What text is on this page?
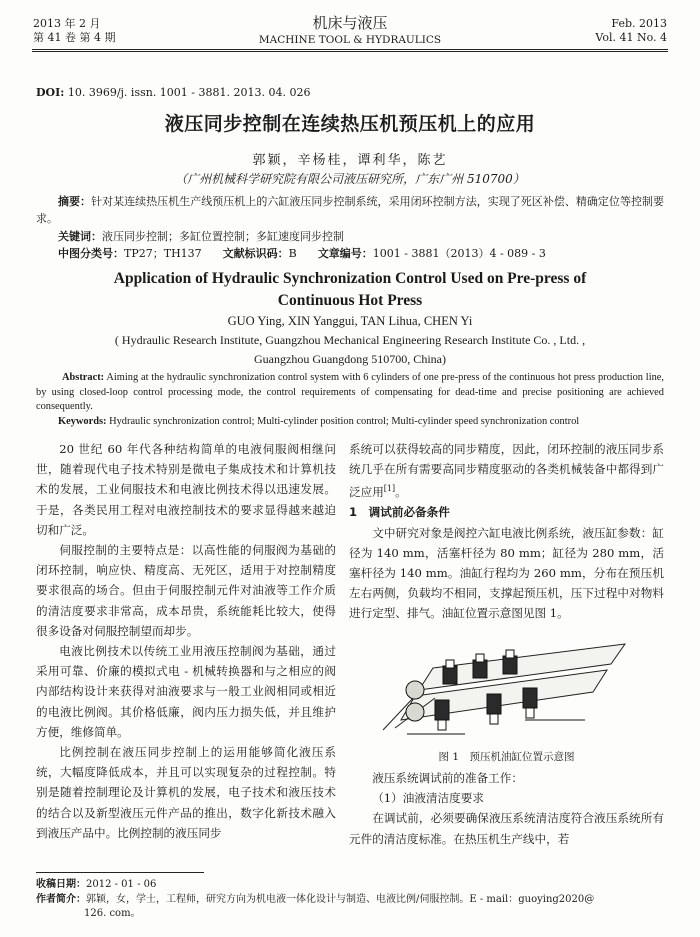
2013 年 2 月
第 41 卷 第 4 期
机床与液压
MACHINE TOOL & HYDRAULICS
Feb. 2013
Vol. 41 No. 4
DOI: 10. 3969/j. issn. 1001 - 3881. 2013. 04. 026
液压同步控制在连续热压机预压机上的应用
郭颖，辛杨桂，谭利华，陈艺
（广州机械科学研究院有限公司液压研究所，广东广州 510700）
摘要：针对某连续热压机生产线预压机上的六缸液压同步控制系统，采用闭环控制方法，实现了死区补偿、精确定位等控制要求。
关键词：液压同步控制；多缸位置控制；多缸速度同步控制
中图分类号：TP27；TH137 文献标识码：B 文章编号：1001 - 3881（2013）4 - 089 - 3
Application of Hydraulic Synchronization Control Used on Pre-press of
Continuous Hot Press
GUO Ying, XIN Yanggui, TAN Lihua, CHEN Yi
( Hydraulic Research Institute, Guangzhou Mechanical Engineering Research Institute Co. , Ltd. ,
Guangzhou Guangdong 510700, China)
Abstract: Aiming at the hydraulic synchronization control system with 6 cylinders of one pre-press of the continuous hot press production line, by using closed-loop control processing mode, the control requirements of compensating for dead-time and precise positioning are achieved consequently.
Keywords: Hydraulic synchronization control; Multi-cylinder position control; Multi-cylinder speed synchronization control

20 世纪 60 年代各种结构简单的电液伺服阀相继问世，随着现代电子技术特别是微电子集成技术和计算机技术的发展，工业伺服技术和电液比例技术得以迅速发展。于是，各类民用工程对电液控制技术的要求显得越来越迫切和广泛。

伺服控制的主要特点是：以高性能的伺服阀为基础的闭环控制，响应快、精度高、无死区，适用于对控制精度要求很高的场合。但由于伺服控制元件对油液等工作介质的清洁度要求非常高，成本昂贵，系统能耗比较大，使得很多设备对伺服控制望而却步。

电液比例技术以传统工业用液压控制阀为基础，通过采用可靠、价廉的模拟式电 - 机械转换器和与之相应的阀内部结构设计来获得对油液要求与一般工业阀相同或相近的电液比例阀。其价格低廉，阀内压力损失低，并且维护方便，维修简单。

比例控制在液压同步控制上的运用能够简化液压系统，大幅度降低成本，并且可以实现复杂的过程控制。特别是随着控制理论及计算机的发展，电子技术和液压技术的结合以及新型液压元件产品的推出，数字化新技术融入到液压产品中。比例控制的液压同步

系统可以获得较高的同步精度，因此，闭环控制的液压同步系统几乎在所有需要高同步精度驱动的各类机械装备中都得到广泛应用[1]。

1　调试前必备条件

文中研究对象是阀控六缸电液比例系统，液压缸参数：缸径为 140 mm，活塞杆径为 80 mm；缸径为 280 mm，活塞杆径为 140 mm。油缸行程均为 260 mm，分布在预压机左右两侧，负载均不相同，支撑起预压机，压下过程中对物料进行定型、排气。油缸位置示意图见图 1。

图 1　预压机油缸位置示意图
液压系统调试前的准备工作：
（1）油液清洁度要求

在调试前，必须要确保液压系统清洁度符合液压系统所有元件的清洁度标准。在热压机生产线中，若

收稿日期：2012 - 01 - 06
作者简介：郭颖，女，学士，工程师，研究方向为机电液一体化设计与制造、电液比例/伺服控制。E - mail：guoying2020@
126. com。
